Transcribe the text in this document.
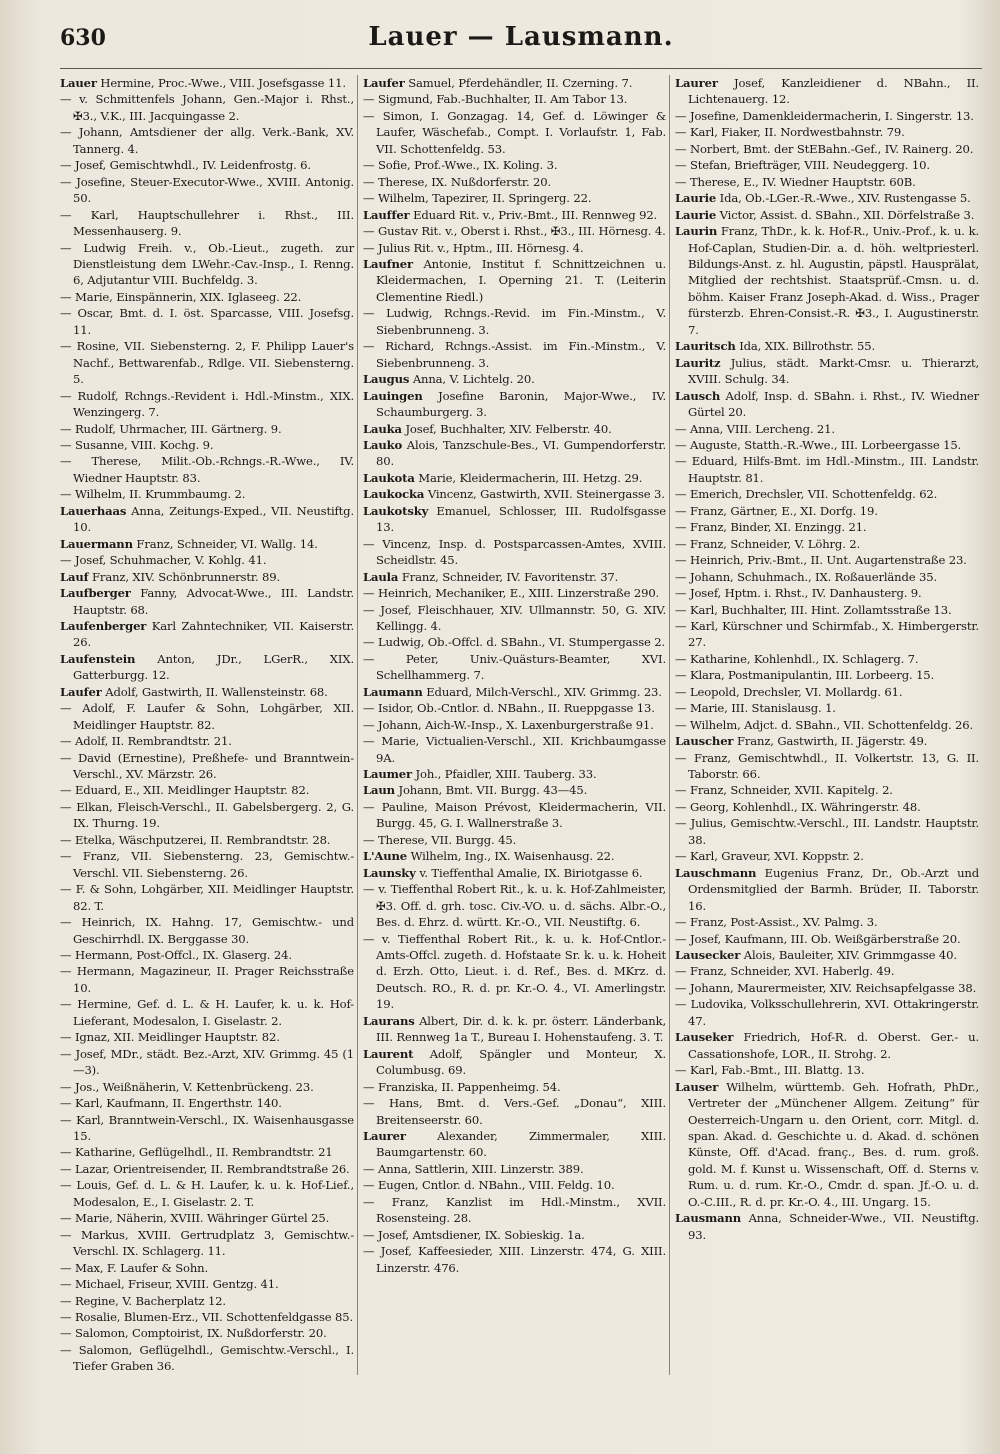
630	Lauer — Lausmann.
Lauer Hermine, Proc.-Wwe., VIII. Josefsgasse 11.
— v. Schmittenfels Johann, Gen.-Major i. Rhst., ✠3., V.K., III. Jacquingasse 2.
— Johann, Amtsdiener der allg. Verk.-Bank, XV. Tannerg. 4.
— Josef, Gemischtwhdl., IV. Leidenfrostg. 6.
— Josefine, Steuer-Executor-Wwe., XVIII. Antonig. 50.
— Karl, Hauptschullehrer i. Rhst., III. Messenhauserg. 9.
— Ludwig Freih. v., Ob.-Lieut., zugeth. zur Dienstleistung dem LWehr.-Cav.-Insp., I. Renng. 6, Adjutantur VIII. Buchfeldg. 3.
— Marie, Einspännerin, XIX. Iglaseeg. 22.
— Oscar, Bmt. d. I. öst. Sparcasse, VIII. Josefsg. 11.
— Rosine, VII. Siebensterng. 2, F. Philipp Lauer's Nachf., Bettwarenfab., Rdlge. VII. Siebensterng. 5.
— Rudolf, Rchngs.-Revident i. Hdl.-Minstm., XIX. Wenzingerg. 7.
— Rudolf, Uhrmacher, III. Gärtnerg. 9.
— Susanne, VIII. Kochg. 9.
— Therese, Milit.-Ob.-Rchngs.-R.-Wwe., IV. Wiedner Hauptstr. 83.
— Wilhelm, II. Krummbaumg. 2.
Lauerhaas Anna, Zeitungs-Exped., VII. Neustiftg. 10.
Lauermann Franz, Schneider, VI. Wallg. 14.
— Josef, Schuhmacher, V. Kohlg. 41.
Lauf Franz, XIV. Schönbrunnerstr. 89.
Laufberger Fanny, Advocat-Wwe., III. Landstr. Hauptstr. 68.
Laufenberger Karl Zahntechniker, VII. Kaiserstr. 26.
Laufenstein Anton, JDr., LGerR., XIX. Gatterburgg. 12.
Laufer Adolf, Gastwirth, II. Wallensteinstr. 68.
— Adolf, F. Laufer & Sohn, Lohgärber, XII. Meidlinger Hauptstr. 82.
— Adolf, II. Rembrandtstr. 21.
— David (Ernestine), Preßhefe- und Branntwein-Verschl., XV. Märzstr. 26.
— Eduard, E., XII. Meidlinger Hauptstr. 82.
— Elkan, Fleisch-Verschl., II. Gabelsbergerg. 2, G. IX. Thurng. 19.
— Etelka, Wäschputzerei, II. Rembrandtstr. 28.
— Franz, VII. Siebensterng. 23, Gemischtw.-Verschl. VII. Siebensterng. 26.
— F. & Sohn, Lohgärber, XII. Meidlinger Hauptstr. 82. T.
— Heinrich, IX. Hahng. 17, Gemischtw.- und Geschirrhdl. IX. Berggasse 30.
— Hermann, Post-Offcl., IX. Glaserg. 24.
— Hermann, Magazineur, II. Prager Reichsstraße 10.
— Hermine, Gef. d. L. & H. Laufer, k. u. k. Hof-Lieferant, Modesalon, I. Giselastr. 2.
— Ignaz, XII. Meidlinger Hauptstr. 82.
— Josef, MDr., städt. Bez.-Arzt, XIV. Grimmg. 45 (1—3).
— Jos., Weißnäherin, V. Kettenbrückeng. 23.
— Karl, Kaufmann, II. Engerthstr. 140.
— Karl, Branntwein-Verschl., IX. Waisenhausgasse 15.
— Katharine, Geflügelhdl., II. Rembrandtstr. 21
— Lazar, Orientreisender, II. Rembrandtstraße 26.
— Louis, Gef. d. L. & H. Laufer, k. u. k. Hof-Lief., Modesalon, E., I. Giselastr. 2. T.
— Marie, Näherin, XVIII. Währinger Gürtel 25.
— Markus, XVIII. Gertrudplatz 3, Gemischtw.-Verschl. IX. Schlagerg. 11.
— Max, F. Laufer & Sohn.
— Michael, Friseur, XVIII. Gentzg. 41.
— Regine, V. Bacherplatz 12.
— Rosalie, Blumen-Erz., VII. Schottenfeldgasse 85.
— Salomon, Comptoirist, IX. Nußdorferstr. 20.
— Salomon, Geflügelhdl., Gemischtw.-Verschl., I. Tiefer Graben 36.
Laufer Samuel, Pferdehändler, II. Czerning. 7.
— Sigmund, Fab.-Buchhalter, II. Am Tabor 13.
— Simon, I. Gonzagag. 14, Gef. d. Löwinger & Laufer, Wäschefab., Compt. I. Vorlaufstr. 1, Fab. VII. Schottenfeldg. 53.
— Sofie, Prof.-Wwe., IX. Koling. 3.
— Therese, IX. Nußdorferstr. 20.
— Wilhelm, Tapezirer, II. Springerg. 22.
Lauffer Eduard Rit. v., Priv.-Bmt., III. Rennweg 92.
— Gustav Rit. v., Oberst i. Rhst., ✠3., III. Hörnesg. 4.
— Julius Rit. v., Hptm., III. Hörnesg. 4.
Laufner Antonie, Institut f. Schnittzeichnen u. Kleidermachen, I. Operning 21. T. (Leiterin Clementine Riedl.)
— Ludwig, Rchngs.-Revid. im Fin.-Minstm., V. Siebenbrunneng. 3.
— Richard, Rchngs.-Assist. im Fin.-Minstm., V. Siebenbrunneng. 3.
Laugus Anna, V. Lichtelg. 20.
Lauingen Josefine Baronin, Major-Wwe., IV. Schaumburgerg. 3.
Lauka Josef, Buchhalter, XIV. Felberstr. 40.
Lauko Alois, Tanzschule-Bes., VI. Gumpendorferstr. 80.
Laukota Marie, Kleidermacherin, III. Hetzg. 29.
Laukocka Vincenz, Gastwirth, XVII. Steinergasse 3.
Laukotsky Emanuel, Schlosser, III. Rudolfsgasse 13.
— Vincenz, Insp. d. Postsparcassen-Amtes, XVIII. Scheidlstr. 45.
Laula Franz, Schneider, IV. Favoritenstr. 37.
— Heinrich, Mechaniker, E., XIII. Linzerstraße 290.
— Josef, Fleischhauer, XIV. Ullmannstr. 50, G. XIV. Kellingg. 4.
— Ludwig, Ob.-Offcl. d. SBahn., VI. Stumpergasse 2.
— Peter, Univ.-Quästurs-Beamter, XVI. Schellhammerg. 7.
Laumann Eduard, Milch-Verschl., XIV. Grimmg. 23.
— Isidor, Ob.-Cntlor. d. NBahn., II. Rueppgasse 13.
— Johann, Aich-W.-Insp., X. Laxenburgerstraße 91.
— Marie, Victualien-Verschl., XII. Krichbaumgasse 9A.
Laumer Joh., Pfaidler, XIII. Tauberg. 33.
Laun Johann, Bmt. VII. Burgg. 43—45.
— Pauline, Maison Prévost, Kleidermacherin, VII. Burgg. 45, G. I. Wallnerstraße 3.
— Therese, VII. Burgg. 45.
L'Aune Wilhelm, Ing., IX. Waisenhausg. 22.
Launsky v. Tieffenthal Amalie, IX. Biriotgasse 6.
— v. Tieffenthal Robert Rit., k. u. k. Hof-Zahlmeister, ✠3. Off. d. grh. tosc. Civ.-VO. u. d. sächs. Albr.-O., Bes. d. Ehrz. d. württ. Kr.-O., VII. Neustiftg. 6.
— v. Tieffenthal Robert Rit., k. u. k. Hof-Cntlor.-Amts-Offcl. zugeth. d. Hofstaate Sr. k. u. k. Hoheit d. Erzh. Otto, Lieut. i. d. Ref., Bes. d. MKrz. d. Deutsch. RO., R. d. pr. Kr.-O. 4., VI. Amerlingstr. 19.
Laurans Albert, Dir. d. k. k. pr. österr. Länderbank, III. Rennweg 1a T., Bureau I. Hohenstaufeng. 3. T.
Laurent Adolf, Spängler und Monteur, X. Columbusg. 69.
— Franziska, II. Pappenheimg. 54.
— Hans, Bmt. d. Vers.-Gef. „Donau“, XIII. Breitenseerstr. 60.
Laurer	Alexander, Zimmermaler, XIII. Baumgartenstr. 60.
— Anna, Sattlerin, XIII. Linzerstr. 389.
— Eugen, Cntlor. d. NBahn., VIII. Feldg. 10.
— Franz, Kanzlist im Hdl.-Minstm., XVII. Rosensteing. 28.
— Josef, Amtsdiener, IX. Sobieskig. 1a.
— Josef, Kaffeesieder, XIII. Linzerstr. 474, G. XIII. Linzerstr. 476.
Laurer Josef, Kanzleidiener d. NBahn., II. Lichtenauerg. 12.
— Josefine, Damenkleidermacherin, I. Singerstr. 13.
— Karl, Fiaker, II. Nordwestbahnstr. 79.
— Norbert, Bmt. der StEBahn.-Gef., IV. Rainerg. 20.
— Stefan, Briefträger, VIII. Neudeggerg. 10.
— Therese, E., IV. Wiedner Hauptstr. 60B.
Laurie Ida, Ob.-LGer.-R.-Wwe., XIV. Rustengasse 5.
Laurie Victor, Assist. d. SBahn., XII. Dörfelstraße 3.
Laurin Franz, ThDr., k. k. Hof-R., Univ.-Prof., k. u. k. Hof-Caplan, Studien-Dir. a. d. höh. weltpriesterl. Bildungs-Anst. z. hl. Augustin, päpstl. Hausprälat, Mitglied der rechtshist. Staatsprüf.-Cmsn. u. d. böhm. Kaiser Franz Joseph-Akad. d. Wiss., Prager fürsterzb. Ehren-Consist.-R. ✠3., I. Augustinerstr. 7.
Lauritsch Ida, XIX. Billrothstr. 55.
Lauritz Julius, städt. Markt-Cmsr. u. Thierarzt, XVIII. Schulg. 34.
Lausch Adolf, Insp. d. SBahn. i. Rhst., IV. Wiedner Gürtel 20.
— Anna, VIII. Lercheng. 21.
— Auguste, Statth.-R.-Wwe., III. Lorbeergasse 15.
— Eduard, Hilfs-Bmt. im Hdl.-Minstm., III. Landstr. Hauptstr. 81.
— Emerich, Drechsler, VII. Schottenfeldg. 62.
— Franz, Gärtner, E., XI. Dorfg. 19.
— Franz, Binder, XI. Enzingg. 21.
— Franz, Schneider, V. Löhrg. 2.
— Heinrich, Priv.-Bmt., II. Unt. Augartenstraße 23.
— Johann, Schuhmach., IX. Roßauerlände 35.
— Josef, Hptm. i. Rhst., IV. Danhausterg. 9.
— Karl, Buchhalter, III. Hint. Zollamtsstraße 13.
— Karl, Kürschner und Schirmfab., X. Himbergerstr. 27.
— Katharine, Kohlenhdl., IX. Schlagerg. 7.
— Klara, Postmanipulantin, III. Lorbeerg. 15.
— Leopold, Drechsler, VI. Mollardg. 61.
— Marie, III. Stanislausg. 1.
— Wilhelm, Adjct. d. SBahn., VII. Schottenfeldg. 26.
Lauscher Franz, Gastwirth, II. Jägerstr. 49.
— Franz, Gemischtwhdl., II. Volkertstr. 13, G. II. Taborstr. 66.
— Franz, Schneider, XVII. Kapitelg. 2.
— Georg, Kohlenhdl., IX. Währingerstr. 48.
— Julius, Gemischtw.-Verschl., III. Landstr. Hauptstr. 38.
— Karl, Graveur, XVI. Koppstr. 2.
Lauschmann Eugenius Franz, Dr., Ob.-Arzt und Ordensmitglied der Barmh. Brüder, II. Taborstr. 16.
— Franz, Post-Assist., XV. Palmg. 3.
— Josef, Kaufmann, III. Ob. Weißgärberstraße 20.
Lausecker Alois, Bauleiter, XIV. Grimmgasse 40.
— Franz, Schneider, XVI. Haberlg. 49.
— Johann, Maurermeister, XIV. Reichsapfelgasse 38.
— Ludovika, Volksschullehrerin, XVI. Ottakringerstr. 47.
Lauseker Friedrich, Hof-R. d. Oberst. Ger.- u. Cassationshofe, LOR., II. Strohg. 2.
— Karl, Fab.-Bmt., III. Blattg. 13.
Lauser Wilhelm, württemb. Geh. Hofrath, PhDr., Vertreter der „Münchener Allgem. Zeitung“ für Oesterreich-Ungarn u. den Orient, corr. Mitgl. d. span. Akad. d. Geschichte u. d. Akad. d. schönen Künste, Off. d'Acad. franç., Bes. d. rum. groß. gold. M. f. Kunst u. Wissenschaft, Off. d. Sterns v. Rum. u. d. rum. Kr.-O., Cmdr. d. span. Jf.-O. u. d. O.-C.III., R. d. pr. Kr.-O. 4., III. Ungarg. 15.
Lausmann Anna, Schneider-Wwe., VII. Neustiftg. 93.
